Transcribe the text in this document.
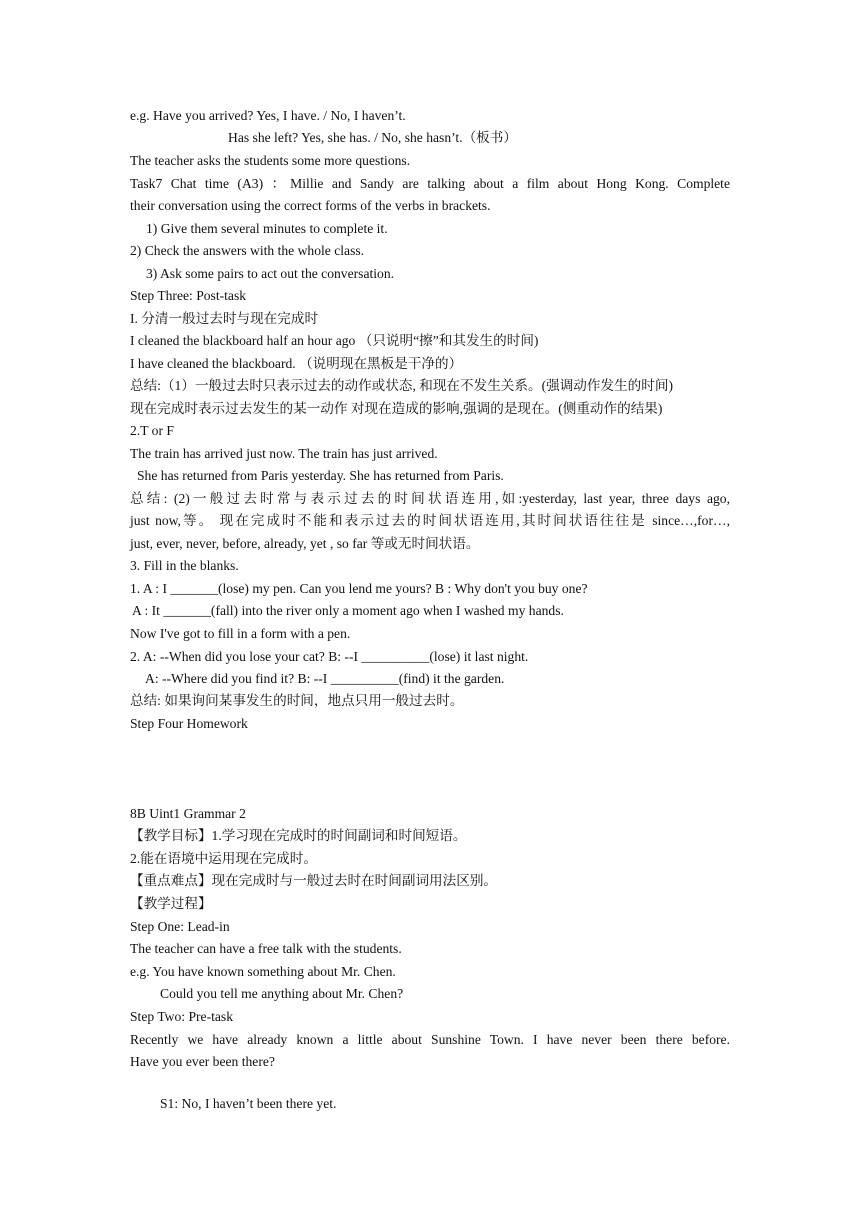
e.g. Have you arrived? Yes, I have. / No, I haven’t.
Has she left? Yes, she has. / No, she hasn’t.（板书）
The teacher asks the students some more questions.
Task7 Chat time (A3) ：Millie and Sandy are talking about a film about Hong Kong. Complete
their conversation using the correct forms of the verbs in brackets.
1) Give them several minutes to complete it.
2) Check the answers with the whole class.
3) Ask some pairs to act out the conversation.
Step Three: Post-task
I. 分清一般过去时与现在完成时
I cleaned the blackboard half an hour ago （只说明“擦”和其发生的时间)
I have cleaned the blackboard. （说明现在黑板是干净的）
总结:（1）一般过去时只表示过去的动作或状态, 和现在不发生关系。(强调动作发生的时间)
现在完成时表示过去发生的某一动作 对现在造成的影响,强调的是现在。(侧重动作的结果)
2.T or F
The train has arrived just now. The train has just arrived.
She has returned from Paris yesterday. She has returned from Paris.
总结: (2)一般过去时常与表示过去的时间状语连用,如:yesterday, last year, three days ago,
just now,等。 现在完成时不能和表示过去的时间状语连用,其时间状语往往是 since…,for…,
just, ever, never, before, already, yet , so far 等或无时间状语。
3. Fill in the blanks.
1. A : I _______(lose) my pen. Can you lend me yours? B : Why don't you buy one?
A : It _______(fall) into the river only a moment ago when I washed my hands.
Now I've got to fill in a form with a pen.
2. A: --When did you lose your cat? B: --I __________(lose) it last night.
A: --Where did you find it? B: --I __________(find) it the garden.
总结: 如果询问某事发生的时间，地点只用一般过去时。
Step Four Homework
8B Uint1 Grammar 2
【教学目标】1.学习现在完成时的时间副词和时间短语。
2.能在语境中运用现在完成时。
【重点难点】现在完成时与一般过去时在时间副词用法区别。
【教学过程】
Step One: Lead-in
The teacher can have a free talk with the students.
e.g. You have known something about Mr. Chen.
Could you tell me anything about Mr. Chen?
Step Two: Pre-task
Recently we have already known a little about Sunshine Town. I have never been there before.
Have you ever been there?
S1: No, I haven’t been there yet.
